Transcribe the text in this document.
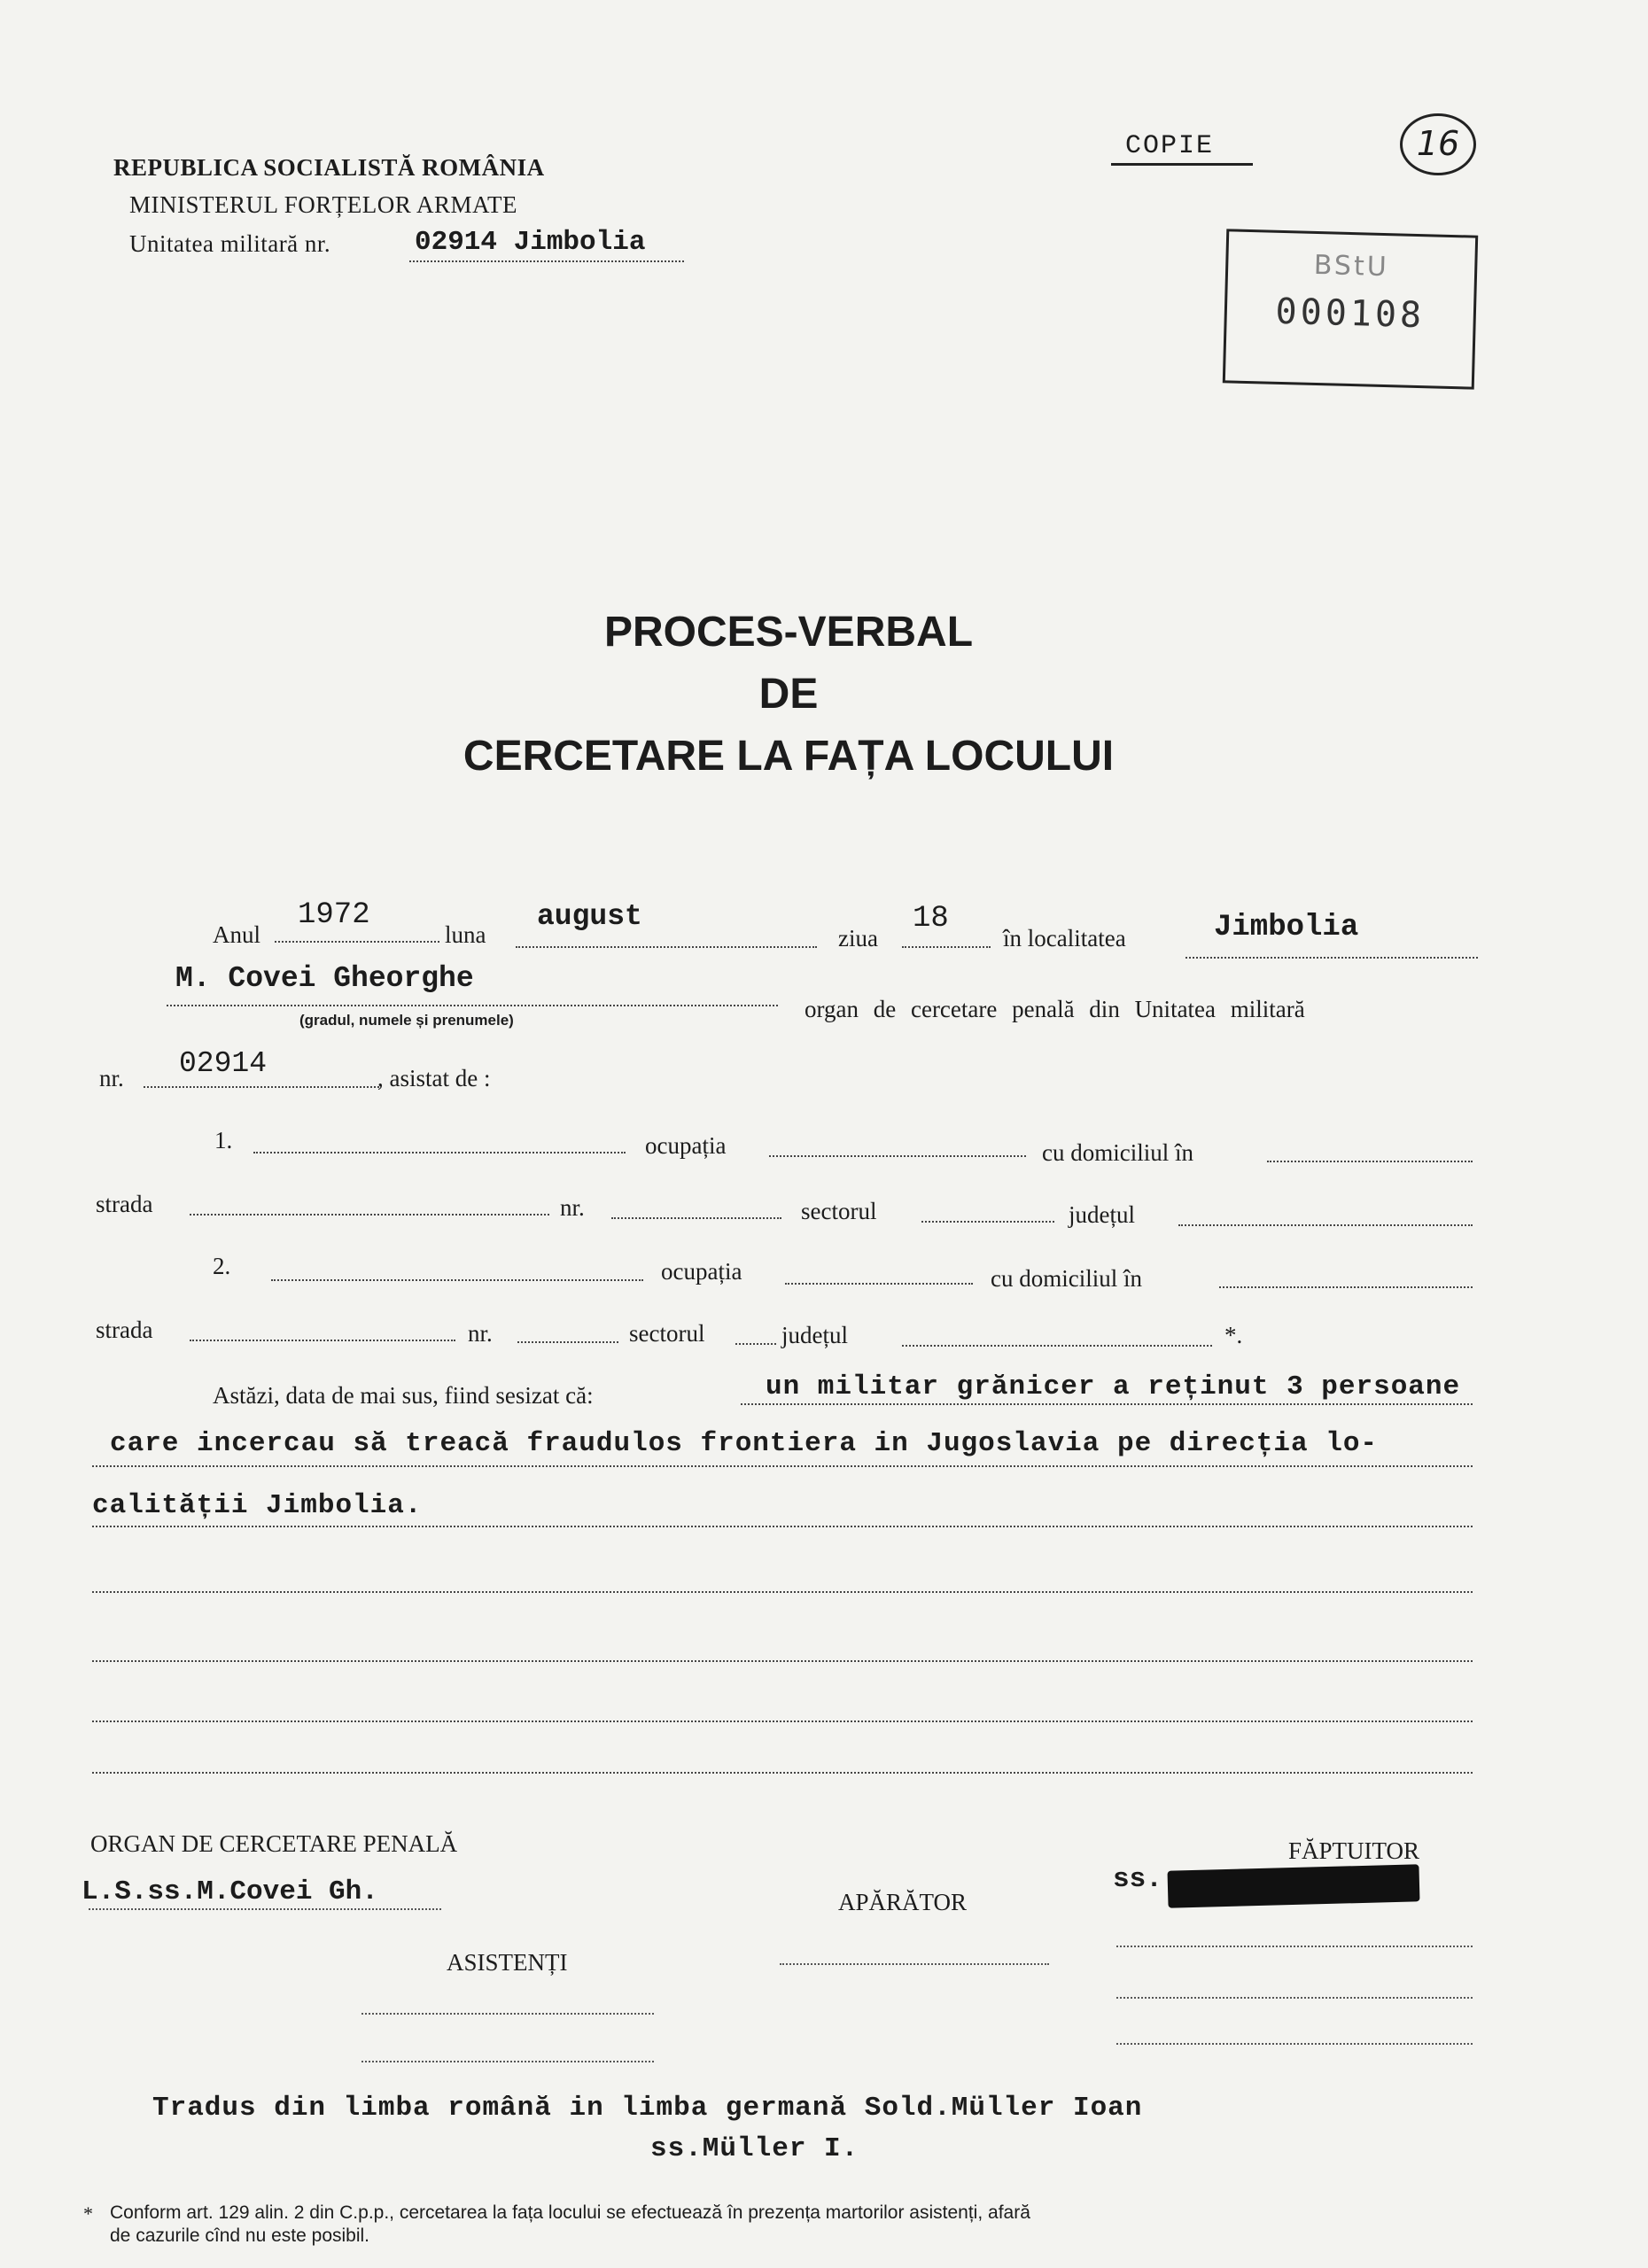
REPUBLICA SOCIALISTĂ ROMÂNIA
MINISTERUL FORȚELOR ARMATE
Unitatea militară nr.	02914 Jimbolia
COPIE	16
BStU
000108
PROCES-VERBAL
DE
CERCETARE LA FAȚA LOCULUI
Anul
1972
luna
august
ziua
18
în localitatea	Jimbolia
M. Covei Gheorghe
(gradul, numele și prenumele)	organ de cercetare penală din Unitatea militară
nr. 02914	, asistat de :
1.	ocupația	cu domiciliul în
strada	nr.	sectorul	județul
2.	ocupația	cu domiciliul în
strada	nr.	sectorul	județul	*.
Astăzi, data de mai sus, fiind sesizat că:	un militar grănicer a reținut 3 persoane
care incercau să treacă fraudulos frontiera in Jugoslavia pe direcția lo-
calității Jimbolia.
ORGAN DE CERCETARE PENALĂ
L.S.ss.M.Covei Gh.
FĂPTUITOR
ss.
APĂRĂTOR
ASISTENȚI
Tradus din limba română in limba germană Sold.Müller Ioan
ss.Müller I.
* Conform art. 129 alin. 2 din C.p.p., cercetarea la fața locului se efectuează în prezența martorilor asistenți, afară
de cazurile cînd nu este posibil.
